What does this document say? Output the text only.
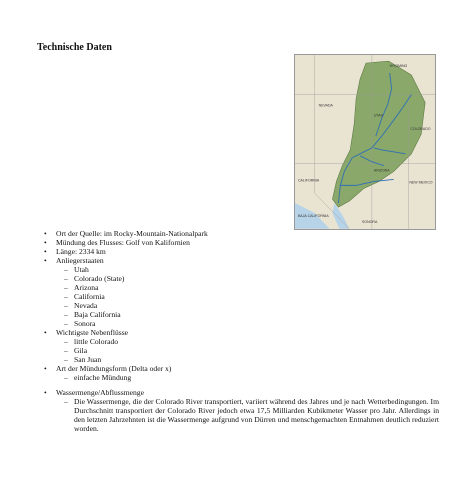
Technische Daten
WYOMING
NEVADA
UTAH
COLORADO
ARIZONA
NEW MEXICO
CALIFORNIA
BAJA CALIFORNIA
SONORA
• Ort der Quelle: im Rocky-Mountain-Nationalpark
• Mündung des Flusses: Golf von Kalifornien
• Länge: 2334 km
• Anliegerstaaten
– Utah
– Colorado (State)
– Arizona
– California
– Nevada
– Baja California
– Sonora
• Wichtigste Nebenflüsse
– little Colorado
– Gila
– San Juan
• Art der Mündungsform (Delta oder x)
– einfache Mündung
• Wassermenge/Abflussmenge
– Die Wassermenge, die der Colorado River transportiert, variiert während des Jahres und je nach Wetterbedingungen. Im Durchschnitt transportiert der Colorado River jedoch etwa 17,5 Milliarden Kubikmeter Wasser pro Jahr. Allerdings in den letzten Jahrzehnten ist die Wassermenge aufgrund von Dürren und menschgemachten Entnahmen deutlich reduziert worden.
